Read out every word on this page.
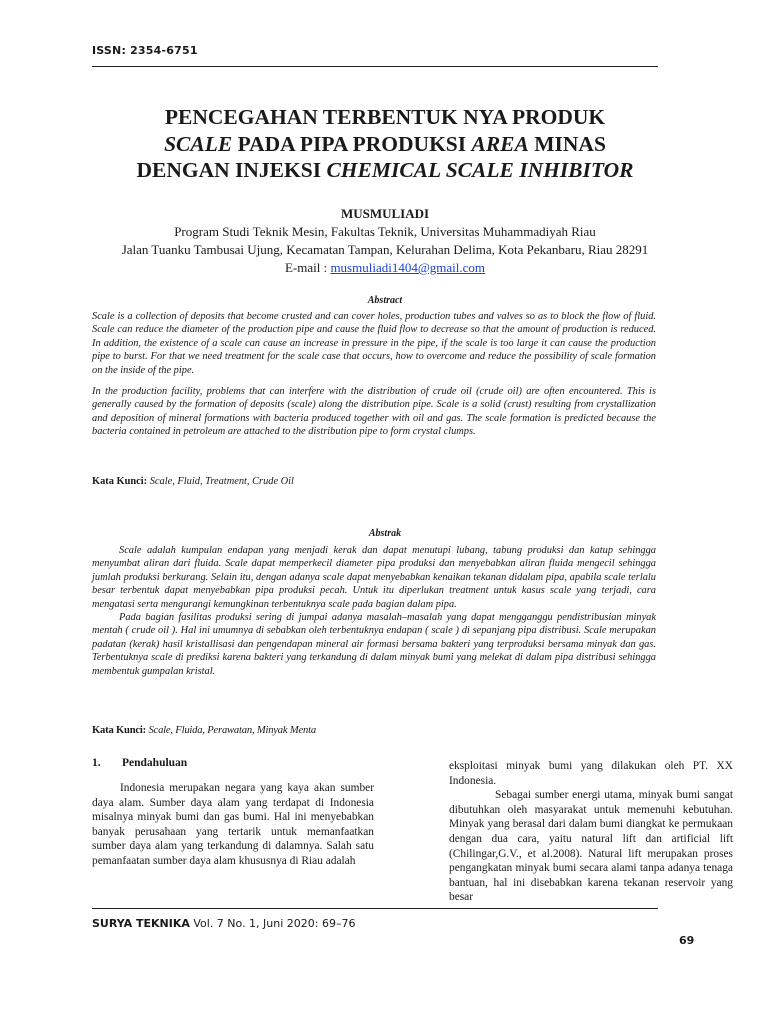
ISSN: 2354-6751
PENCEGAHAN TERBENTUK NYA PRODUK
SCALE PADA PIPA PRODUKSI AREA MINAS
DENGAN INJEKSI CHEMICAL SCALE INHIBITOR
MUSMULIADI
Program Studi Teknik Mesin, Fakultas Teknik, Universitas Muhammadiyah Riau
Jalan Tuanku Tambusai Ujung, Kecamatan Tampan, Kelurahan Delima, Kota Pekanbaru, Riau 28291
E-mail : musmuliadi1404@gmail.com
Abstract

Scale is a collection of deposits that become crusted and can cover holes, production tubes and valves so as to block the flow of fluid. Scale can reduce the diameter of the production pipe and cause the fluid flow to decrease so that the amount of production is reduced. In addition, the existence of a scale can cause an increase in pressure in the pipe, if the scale is too large it can cause the production pipe to burst. For that we need treatment for the scale case that occurs, how to overcome and reduce the possibility of scale formation on the inside of the pipe.

In the production facility, problems that can interfere with the distribution of crude oil (crude oil) are often encountered. This is generally caused by the formation of deposits (scale) along the distribution pipe. Scale is a solid (crust) resulting from crystallization and deposition of mineral formations with bacteria produced together with oil and gas. The scale formation is predicted because the bacteria contained in petroleum are attached to the distribution pipe to form crystal clumps.

Kata Kunci: Scale, Fluid, Treatment, Crude Oil
Abstrak

Scale adalah kumpulan endapan yang menjadi kerak dan dapat menutupi lubang, tabung produksi dan katup sehingga menyumbat aliran dari fluida. Scale dapat memperkecil diameter pipa produksi dan menyebabkan aliran fluida mengecil sehingga jumlah produksi berkurang. Selain itu, dengan adanya scale dapat menyebabkan kenaikan tekanan didalam pipa, apabila scale terlalu besar terbentuk dapat menyebabkan pipa produksi pecah. Untuk itu diperlukan treatment untuk kasus scale yang terjadi, cara mengatasi serta mengurangi kemungkinan terbentuknya scale pada bagian dalam pipa.

Pada bagian fasilitas produksi sering di jumpai adanya masalah–masalah yang dapat mengganggu pendistribusian minyak mentah ( crude oil ). Hal ini umumnya di sebabkan oleh terbentuknya endapan ( scale ) di sepanjang pipa distribusi. Scale merupakan padatan (kerak) hasil kristallisasi dan pengendapan mineral air formasi bersama bakteri yang terproduksi bersama minyak dan gas. Terbentuknya scale di prediksi karena bakteri yang terkandung di dalam minyak bumi yang melekat di dalam pipa distribusi sehingga membentuk gumpalan kristal.

Kata Kunci: Scale, Fluida, Perawatan, Minyak Menta
1. Pendahuluan

Indonesia merupakan negara yang kaya akan sumber daya alam. Sumber daya alam yang terdapat di Indonesia misalnya minyak bumi dan gas bumi. Hal ini menyebabkan banyak perusahaan yang tertarik untuk memanfaatkan sumber daya alam yang terkandung di dalamnya. Salah satu pemanfaatan sumber daya alam khususnya di Riau adalah

eksploitasi minyak bumi yang dilakukan oleh PT. XX Indonesia.

Sebagai sumber energi utama, minyak bumi sangat dibutuhkan oleh masyarakat untuk memenuhi kebutuhan. Minyak yang berasal dari dalam bumi diangkat ke permukaan dengan dua cara, yaitu natural lift dan artificial lift (Chilingar,G.V., et al.2008). Natural lift merupakan proses pengangkatan minyak bumi secara alami tanpa adanya tenaga bantuan, hal ini disebabkan karena tekanan reservoir yang besar

SURYA TEKNIKA Vol. 7 No. 1, Juni 2020: 69–76
69
